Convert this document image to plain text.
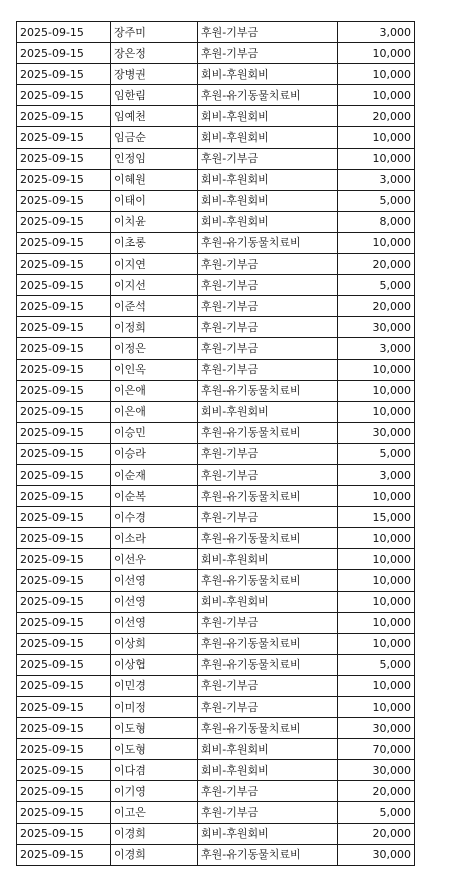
2025-09-15	장주미	후원-기부금	3,000
2025-09-15	장은정	후원-기부금	10,000
2025-09-15	장병권	회비-후원회비	10,000
2025-09-15	임한림	후원-유기동물치료비	10,000
2025-09-15	임예천	회비-후원회비	20,000
2025-09-15	임금순	회비-후원회비	10,000
2025-09-15	인정임	후원-기부금	10,000
2025-09-15	이혜원	회비-후원회비	3,000
2025-09-15	이태이	회비-후원회비	5,000
2025-09-15	이치윤	회비-후원회비	8,000
2025-09-15	이초롱	후원-유기동물치료비	10,000
2025-09-15	이지연	후원-기부금	20,000
2025-09-15	이지선	후원-기부금	5,000
2025-09-15	이준석	후원-기부금	20,000
2025-09-15	이정희	후원-기부금	30,000
2025-09-15	이정은	후원-기부금	3,000
2025-09-15	이인옥	후원-기부금	10,000
2025-09-15	이은애	후원-유기동물치료비	10,000
2025-09-15	이은애	회비-후원회비	10,000
2025-09-15	이승민	후원-유기동물치료비	30,000
2025-09-15	이승라	후원-기부금	5,000
2025-09-15	이순재	후원-기부금	3,000
2025-09-15	이순복	후원-유기동물치료비	10,000
2025-09-15	이수경	후원-기부금	15,000
2025-09-15	이소라	후원-유기동물치료비	10,000
2025-09-15	이선우	회비-후원회비	10,000
2025-09-15	이선영	후원-유기동물치료비	10,000
2025-09-15	이선영	회비-후원회비	10,000
2025-09-15	이선영	후원-기부금	10,000
2025-09-15	이상희	후원-유기동물치료비	10,000
2025-09-15	이상협	후원-유기동물치료비	5,000
2025-09-15	이민경	후원-기부금	10,000
2025-09-15	이미정	후원-기부금	10,000
2025-09-15	이도형	후원-유기동물치료비	30,000
2025-09-15	이도형	회비-후원회비	70,000
2025-09-15	이다겸	회비-후원회비	30,000
2025-09-15	이기영	후원-기부금	20,000
2025-09-15	이고은	후원-기부금	5,000
2025-09-15	이경희	회비-후원회비	20,000
2025-09-15	이경희	후원-유기동물치료비	30,000
